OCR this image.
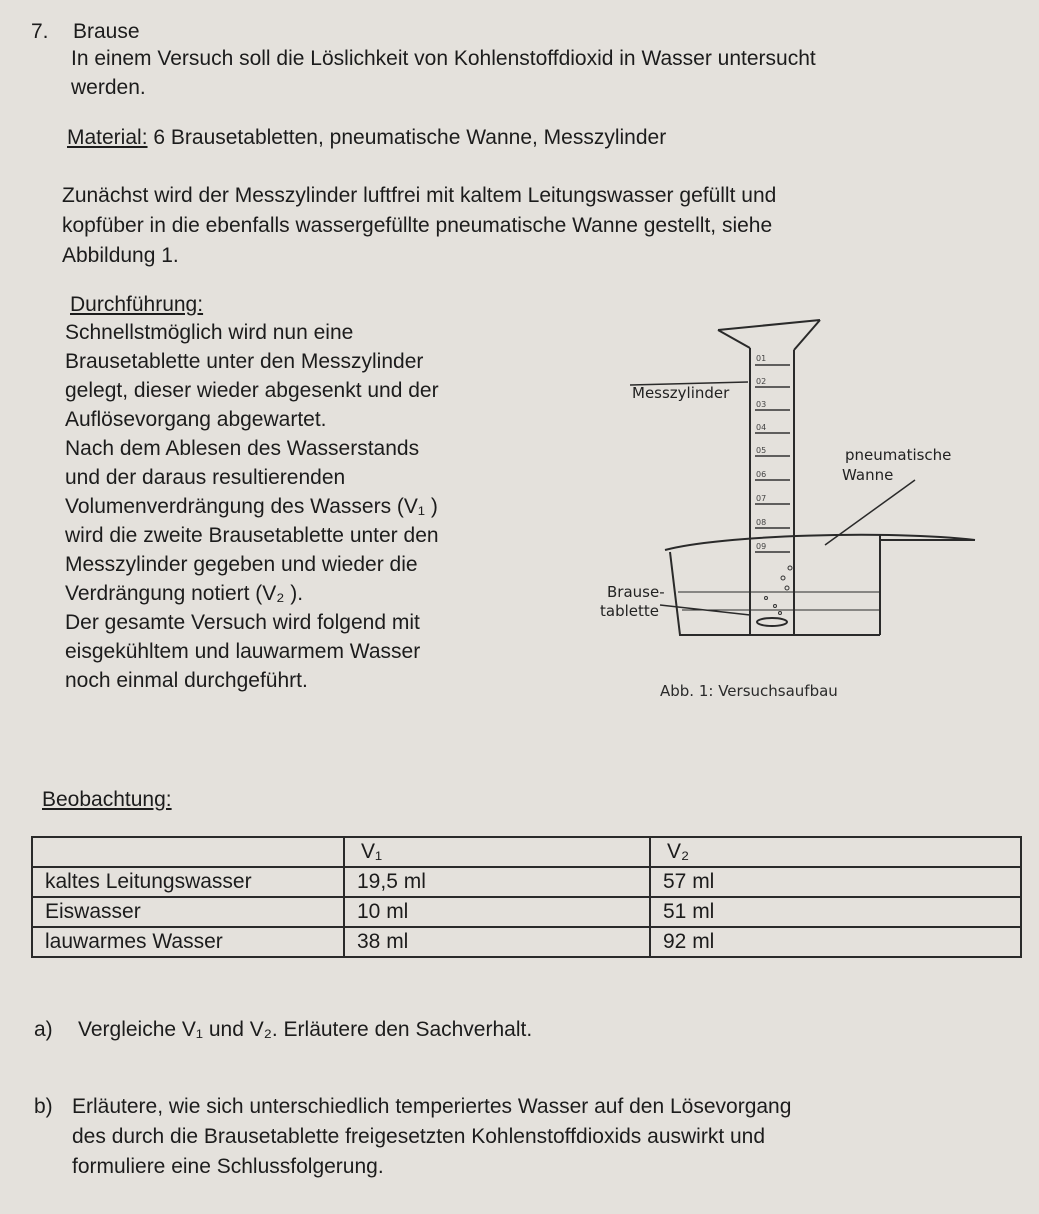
7. Brause
In einem Versuch soll die Löslichkeit von Kohlenstoffdioxid in Wasser untersucht
werden.
Material: 6 Brausetabletten, pneumatische Wanne, Messzylinder
Zunächst wird der Messzylinder luftfrei mit kaltem Leitungswasser gefüllt und
kopfüber in die ebenfalls wassergefüllte pneumatische Wanne gestellt, siehe
Abbildung 1.
Durchführung:
Schnellstmöglich wird nun eine
Brausetablette unter den Messzylinder
gelegt, dieser wieder abgesenkt und der
Auflösevorgang abgewartet.
Nach dem Ablesen des Wasserstands
und der daraus resultierenden
Volumenverdrängung des Wassers (V₁ )
wird die zweite Brausetablette unter den
Messzylinder gegeben und wieder die
Verdrängung notiert (V₂ ).
Der gesamte Versuch wird folgend mit
eisgekühltem und lauwarmem Wasser
noch einmal durchgeführt.
01
02
03
04
05
06
07
08
09
Messzylinder
pneumatische
Wanne
Brause-
tablette
Abb. 1: Versuchsaufbau
Beobachtung:
	V₁	V₂
kaltes Leitungswasser	19,5 ml	57 ml
Eiswasser	10 ml	51 ml
lauwarmes Wasser	38 ml	92 ml
a) Vergleiche V₁ und V₂. Erläutere den Sachverhalt.
b) Erläutere, wie sich unterschiedlich temperiertes Wasser auf den Lösevorgang
des durch die Brausetablette freigesetzten Kohlenstoffdioxids auswirkt und
formuliere eine Schlussfolgerung.
